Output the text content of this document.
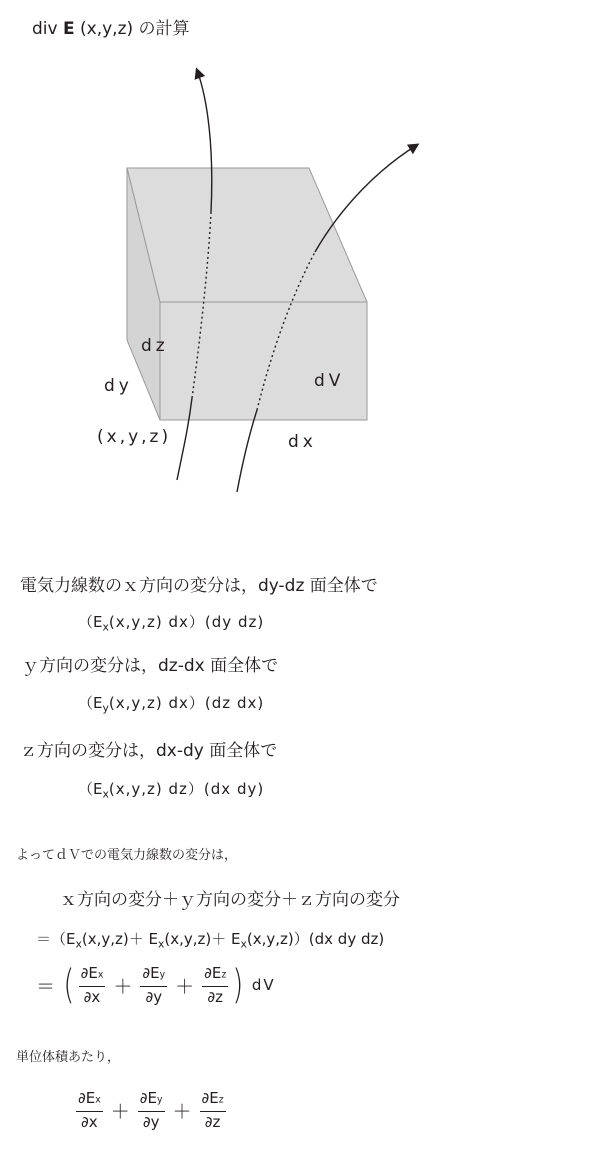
div E (x,y,z) の計算
dz
dy	dV
(x,y,z)	dx
電気力線数のｘ方向の変分は，dy-dz 面全体で
（$E_x(x,y,z)$ dx）(dy dz)
ｙ方向の変分は，dz-dx 面全体で
（$E_y(x,y,z)$ dx）(dz dx)
ｚ方向の変分は，dx-dy 面全体で
（$E_x(x,y,z)$ dz）(dx dy)
よってｄＶでの電気力線数の変分は，
ｘ方向の変分＋ｙ方向の変分＋ｚ方向の変分
$=(E_x(x,y,z)+ E_x(x,y,z)+ E_x(x,y,z))(dx$ dy dz)
＝ ( $\frac{\partial Ex}{\partial x} + \frac{\partial Ey}{\partial y} + \frac{\partial Ez}{\partial z}$ ) dV
単位体積あたり，
$\frac{\partial Ex}{\partial x} + \frac{\partial Ey}{\partial y} + \frac{\partial Ez}{\partial z}$
